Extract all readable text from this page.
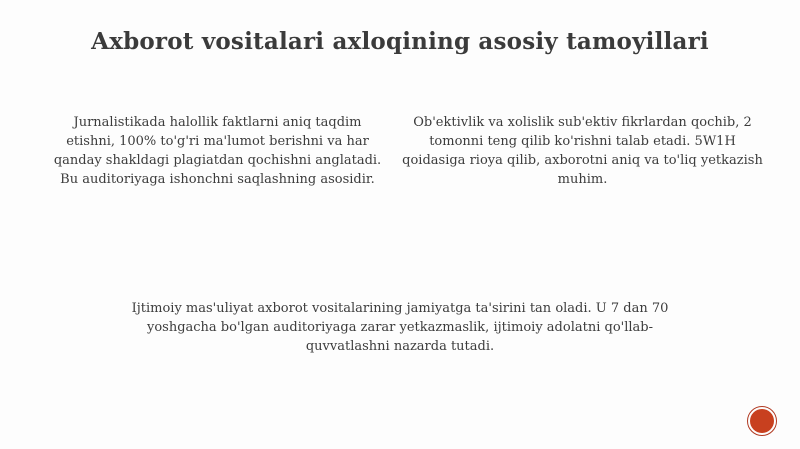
Axborot vositalari axloqining asosiy tamoyillari

Jurnalistikada halollik faktlarni aniq taqdim etishni, 100% to'g'ri ma'lumot berishni va har qanday shakldagi plagiatdan qochishni anglatadi. Bu auditoriyaga ishonchni saqlashning asosidir.

Ob'ektivlik va xolislik sub'ektiv fikrlardan qochib, 2 tomonni teng qilib ko'rishni talab etadi. 5W1H qoidasiga rioya qilib, axborotni aniq va to'liq yetkazish muhim.

Ijtimoiy mas'uliyat axborot vositalarining jamiyatga ta'sirini tan oladi. U 7 dan 70 yoshgacha bo'lgan auditoriyaga zarar yetkazmaslik, ijtimoiy adolatni qo'llab-quvvatlashni nazarda tutadi.
